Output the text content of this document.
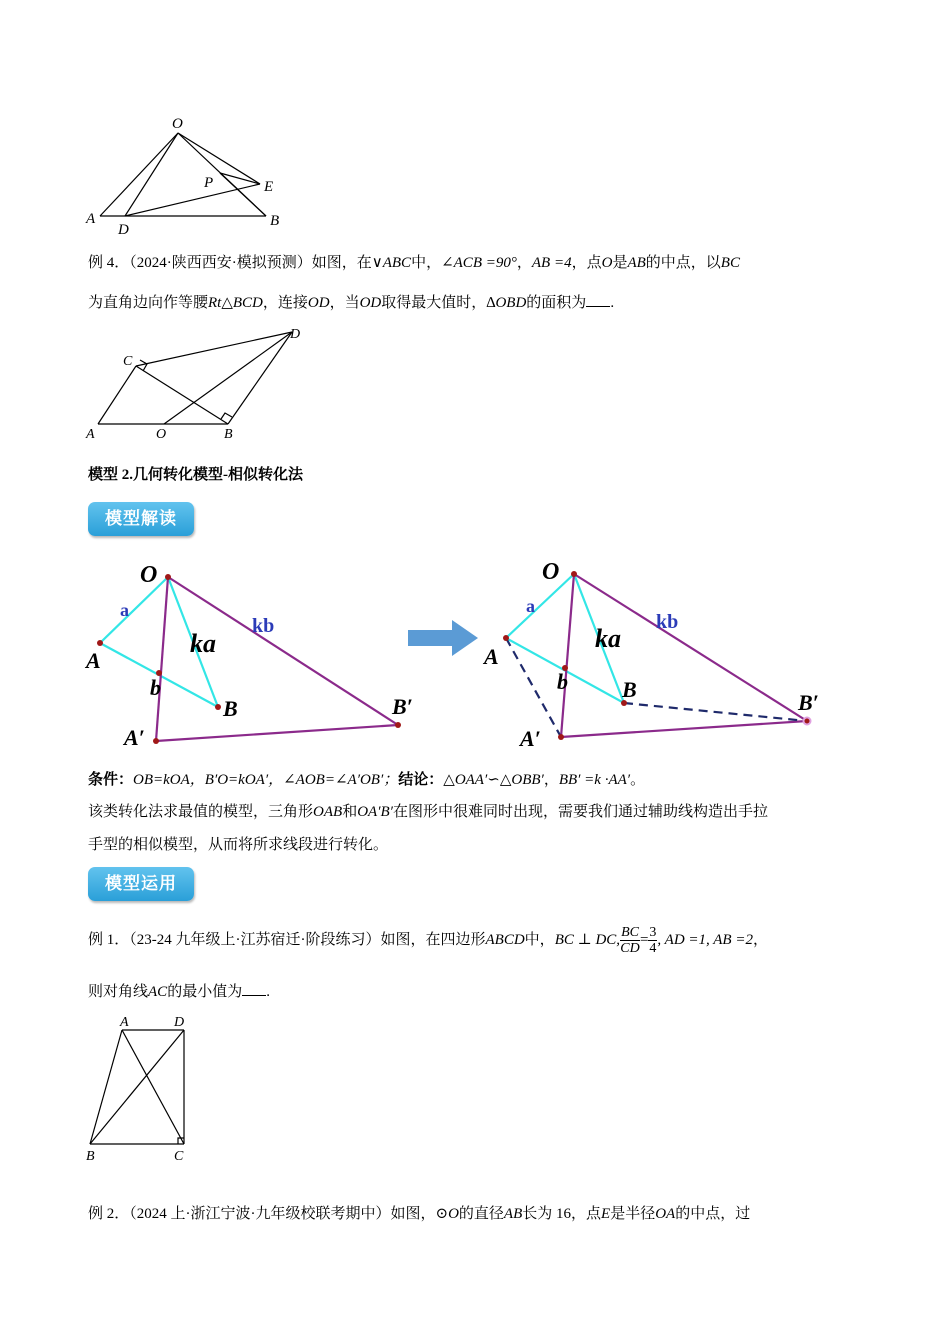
O
P	E
A
D
B
例 4．（2024·陕西西安·模拟预测）如图，在∨ABC中，∠ACB =90°，AB =4，点O是AB的中点，以BC
为直角边向作等腰Rt△BCD，连接OD，当OD取得最大值时，∆OBD的面积为 .
C
D
A	O	B
模型 2.几何转化模型-相似转化法
模型解读
O
a
ka
kb
A
b
B	B′
A′
O
a
ka
kb
A
b B
B′
A′
条件：OB=kOA，B′O=kOA′，∠AOB=∠A′OB′；结论：△OAA′∽△OBB′，BB′ =k ·AA′。
该类转化法求最值的模型，三角形OAB和OA′B′在图形中很难同时出现，需要我们通过辅助线构造出手拉
手型的相似模型，从而将所求线段进行转化。
模型运用
例 1．（23-24 九年级上·江苏宿迁·阶段练习）如图，在四边形ABCD中，BC ⊥ DC, $\frac{BC}{CD} = \frac{3}{4}$ , AD =1, AB =2，
则对角线AC的最小值为 .
A	D
B	C
例 2．（2024 上·浙江宁波·九年级校联考期中）如图，⊙O的直径AB长为 16，点E是半径OA的中点，过
